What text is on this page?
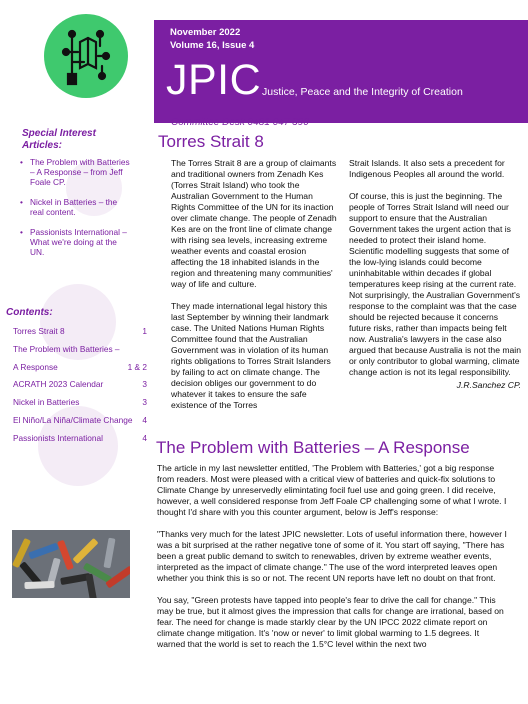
November 2022
Volume 16, Issue 4
JPIC Justice, Peace and the Integrity of Creation
Committee Desk 0481 047 390
Special Interest Articles:
• The Problem with Batteries – A Response – from Jeff Foale CP.
• Nickel in Batteries – the real content.
• Passionists International – What we're doing at the UN.
Contents:
Torres Strait 8	1
The Problem with Batteries –
A Response	1 & 2
ACRATH 2023 Calendar	3
Nickel in Batteries	3
El Niño/La Niña/Climate Change 4
Passionists International	4
Torres Strait 8

The Torres Strait 8 are a group of claimants and traditional owners from Zenadh Kes (Torres Strait Island) who took the Australian Government to the Human Rights Committee of the UN for its inaction over climate change. The people of Zenadh Kes are on the front line of climate change with rising sea levels, increasing extreme weather events and coastal erosion affecting the 18 inhabited islands in the region and threatening many communities' way of life and culture.

They made international legal history this last September by winning their landmark case. The United Nations Human Rights Committee found that the Australian Government was in violation of its human rights obligations to Torres Strait Islanders by failing to act on climate change. The decision obliges our government to do whatever it takes to ensure the safe existence of the Torres

Strait Islands. It also sets a precedent for Indigenous Peoples all around the world.

Of course, this is just the beginning. The people of Torres Strait Island will need our support to ensure that the Australian Government takes the urgent action that is needed to protect their island home. Scientific modelling suggests that some of the low-lying islands could become uninhabitable within decades if global temperatures keep rising at the current rate. Not surprisingly, the Australian Government's response to the complaint was that the case should be rejected because it concerns future risks, rather than impacts being felt now. Australia's lawyers in the case also argued that because Australia is not the main or only contributor to global warming, climate change action is not its legal responsibility.

J.R.Sanchez CP.
The Problem with Batteries – A Response

The article in my last newsletter entitled, 'The Problem with Batteries,' got a big response from readers. Most were pleased with a critical view of batteries and quick-fix solutions to Climate Change by unreservedly elimintating focil fuel use and going green. I did receive, however, a well considered response from Jeff Foale CP challenging some of what I wrote. I thought I'd share with you this counter argument, below is Jeff's response:

"Thanks very much for the latest JPIC newsletter. Lots of useful information there, however I was a bit surprised at the rather negative tone of some of it. You start off saying, "There has been a great public demand to switch to renewables, driven by extreme weather events, interpreted as the impact of climate change." The use of the word interpreted leaves open whether you think this is so or not. The recent UN reports have left no doubt on that front.

You say, "Green protests have tapped into people's fear to drive the call for change." This may be true, but it almost gives the impression that calls for change are irrational, based on fear. The need for change is made starkly clear by the UN IPCC 2022 climate report on climate change mitigation. It's 'now or never' to limit global warming to 1.5 degrees. It warned that the world is set to reach the 1.5°C level within the next two
